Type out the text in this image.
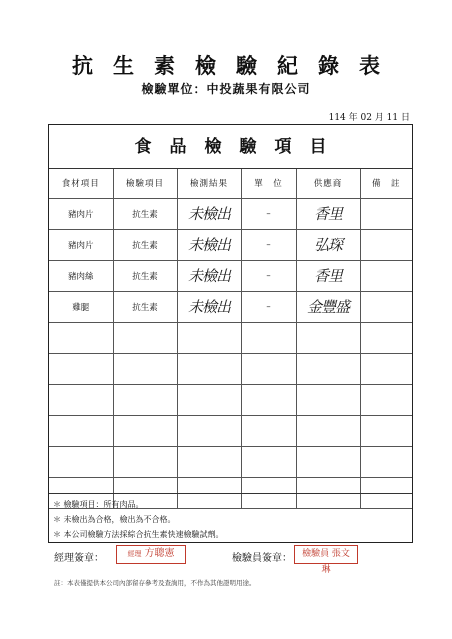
抗生素檢驗紀錄表
檢驗單位：中投蔬果有限公司
114 年 02 月 11 日
食品檢驗項目
食材項目	檢驗項目	檢測結果	單　位	供應商	備　註
豬肉片	抗生素	未檢出	–	香里	
豬肉片	抗生素	未檢出	–	弘琛	
豬肉絲	抗生素	未檢出	–	香里	
雞腿	抗生素	未檢出	–	金豐盛	

＊ 檢驗項目：所有肉品。
＊ 未檢出為合格，檢出為不合格。
＊ 本公司檢驗方法採綜合抗生素快速檢驗試劑。
經理簽章：	經理 方聰憲	檢驗員簽章：	檢驗員 張文琳
註：本表僅提供本公司內部留存參考及查詢用，不作為其他證明用途。
